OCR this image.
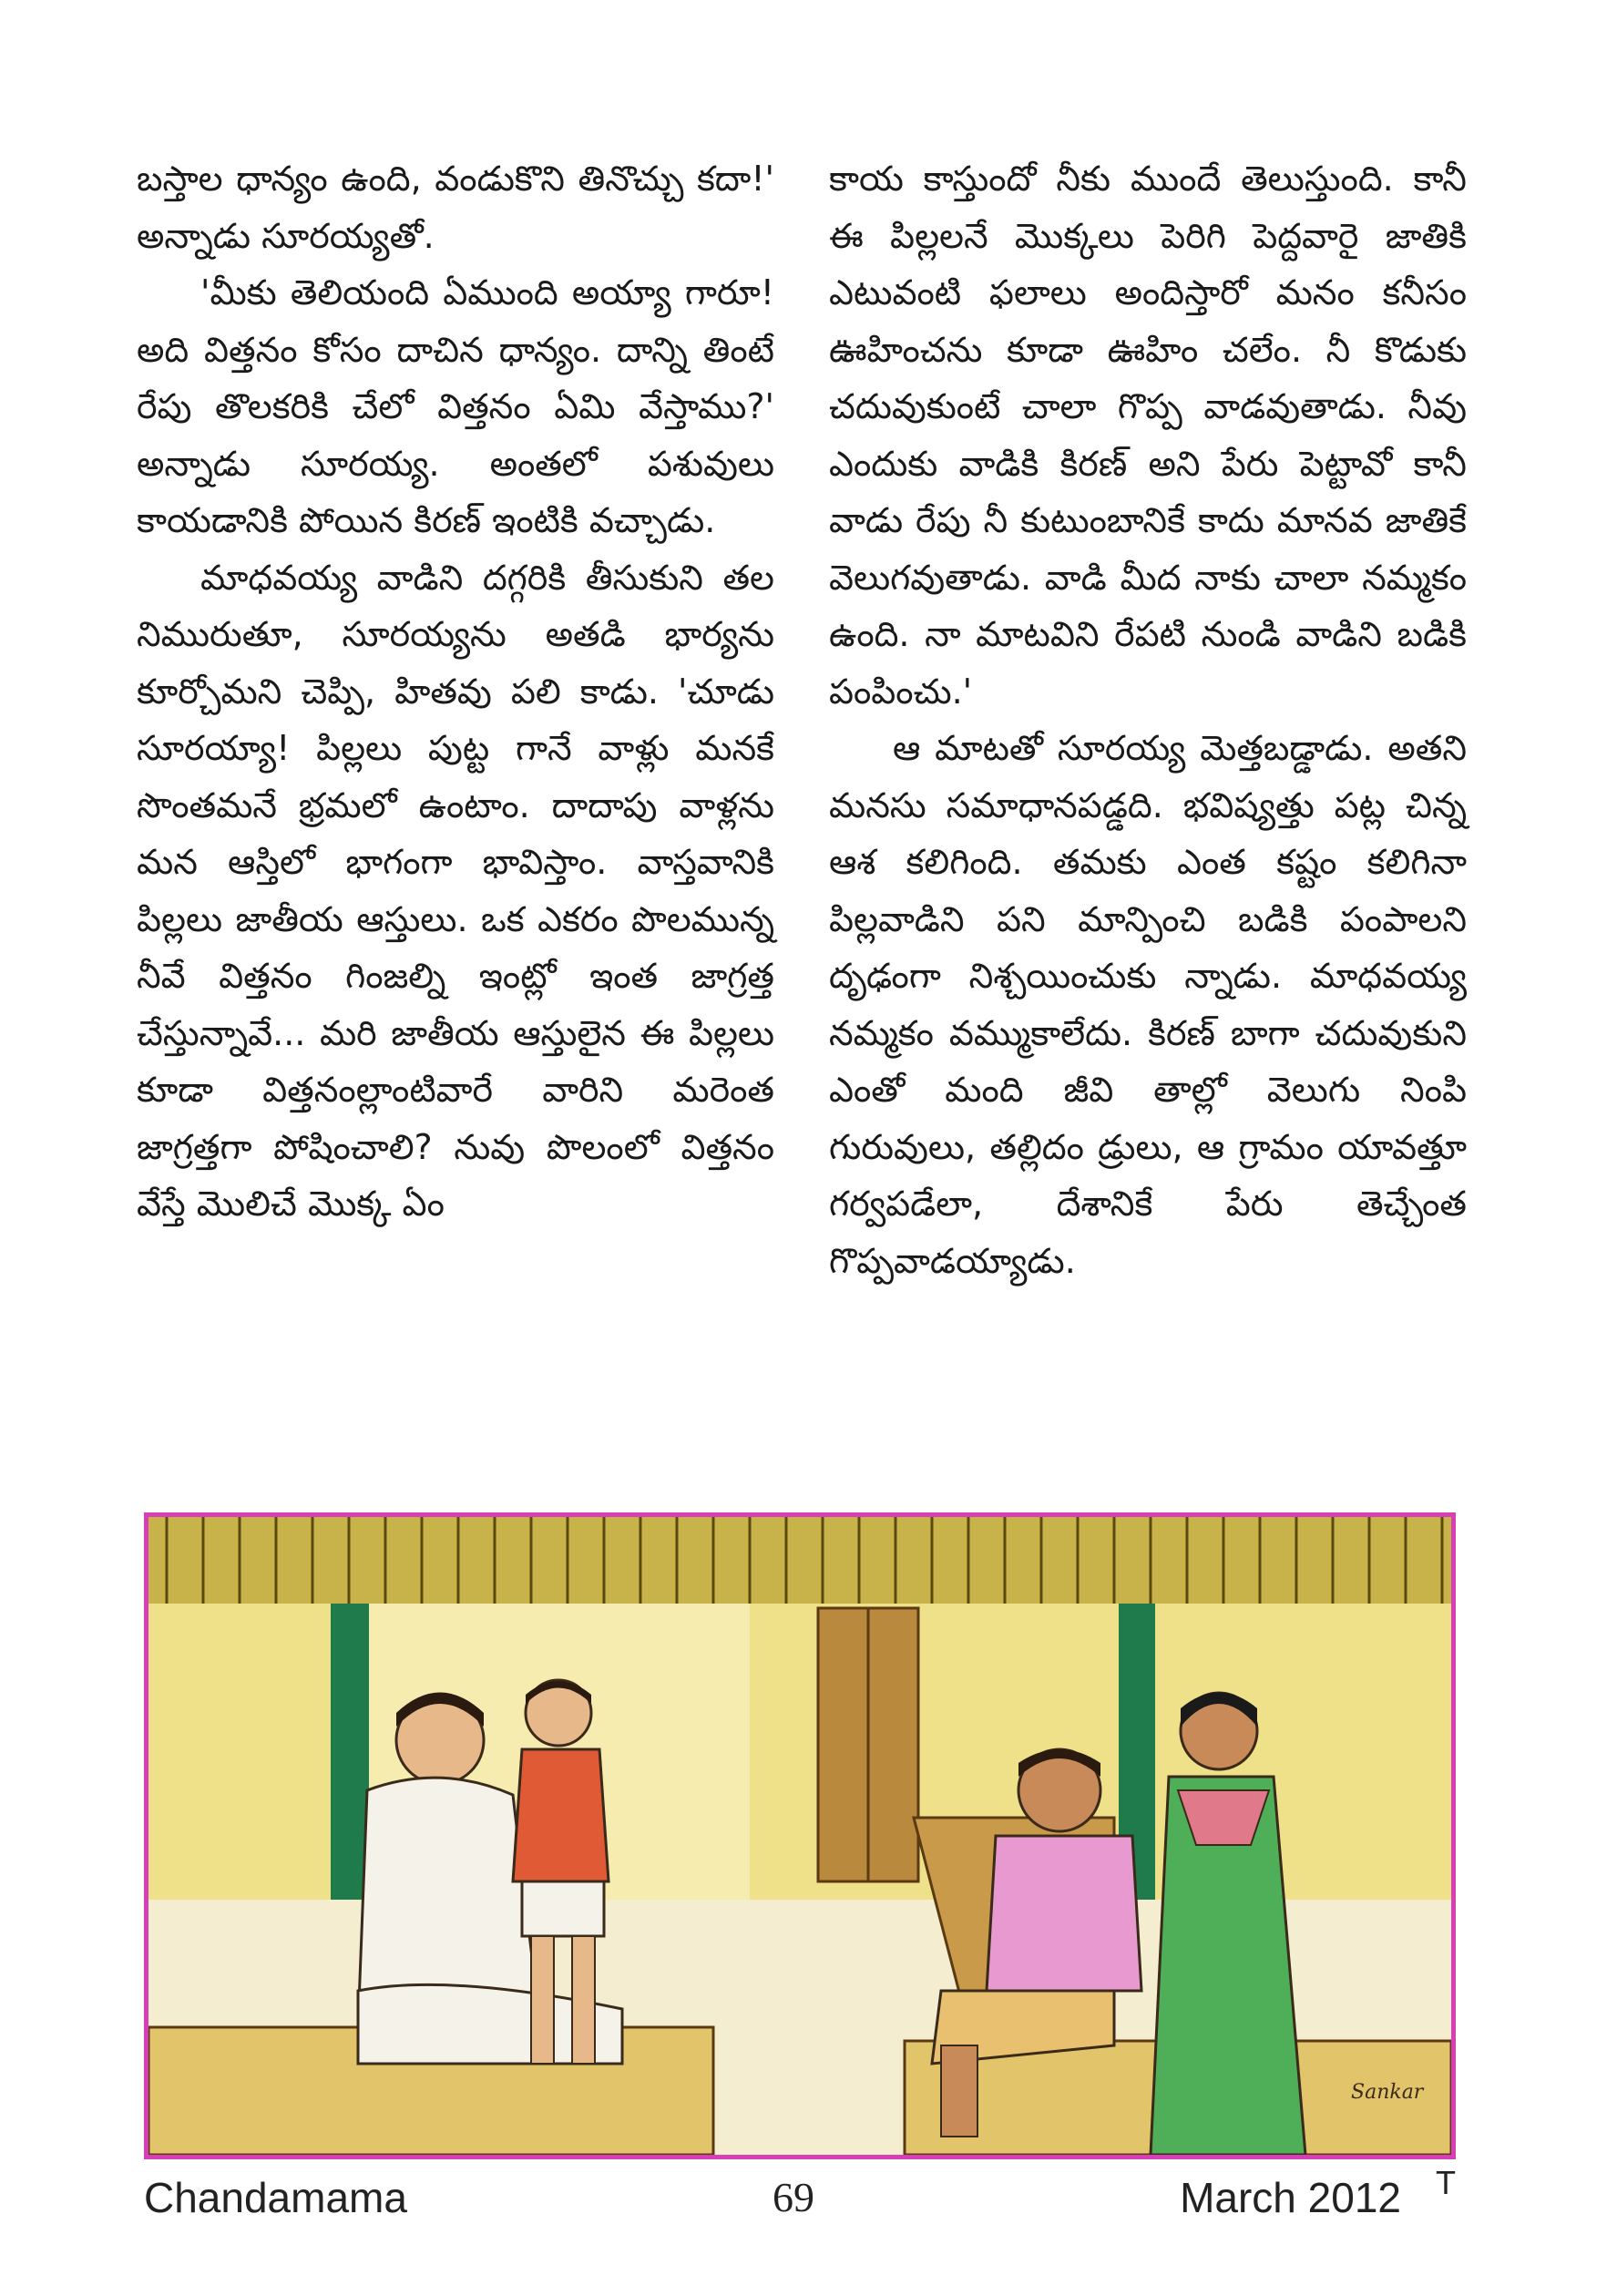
బస్తాల ధాన్యం ఉంది, వండుకొని తినొచ్చు కదా!' అన్నాడు సూరయ్యతో.

'మీకు తెలియంది ఏముంది అయ్యా గారూ! అది విత్తనం కోసం దాచిన ధాన్యం. దాన్ని తింటే రేపు తొలకరికి చేలో విత్తనం ఏమి వేస్తాము?' అన్నాడు సూరయ్య. అంతలో పశువులు కాయడానికి పోయిన కిరణ్ ఇంటికి వచ్చాడు.

మాధవయ్య వాడిని దగ్గరికి తీసుకుని తల నిమురుతూ, సూరయ్యను అతడి భార్యను కూర్చోమని చెప్పి, హితవు పలి కాడు. 'చూడు సూరయ్యా! పిల్లలు పుట్ట గానే వాళ్లు మనకే సొంతమనే భ్రమలో ఉంటాం. దాదాపు వాళ్లను మన ఆస్తిలో భాగంగా భావిస్తాం. వాస్తవానికి పిల్లలు జాతీయ ఆస్తులు. ఒక ఎకరం పొలమున్న నీవే విత్తనం గింజల్ని ఇంట్లో ఇంత జాగ్రత్త చేస్తున్నావే... మరి జాతీయ ఆస్తులైన ఈ పిల్లలు కూడా విత్తనంల్లాంటివారే వారిని మరెంత జాగ్రత్తగా పోషించాలి? నువు పొలంలో విత్తనం వేస్తే మొలిచే మొక్క ఏం

కాయ కాస్తుందో నీకు ముందే తెలుస్తుంది. కానీ ఈ పిల్లలనే మొక్కలు పెరిగి పెద్దవారై జాతికి ఎటువంటి ఫలాలు అందిస్తారో మనం కనీసం ఊహించను కూడా ఊహిం చలేం. నీ కొడుకు చదువుకుంటే చాలా గొప్ప వాడవుతాడు. నీవు ఎందుకు వాడికి కిరణ్ అని పేరు పెట్టావో కానీ వాడు రేపు నీ కుటుంబానికే కాదు మానవ జాతికే వెలుగవుతాడు. వాడి మీద నాకు చాలా నమ్మకం ఉంది. నా మాటవిని రేపటి నుండి వాడిని బడికి పంపించు.'

ఆ మాటతో సూరయ్య మెత్తబడ్డాడు. అతని మనసు సమాధానపడ్డది. భవిష్యత్తు పట్ల చిన్న ఆశ కలిగింది. తమకు ఎంత కష్టం కలిగినా పిల్లవాడిని పని మాన్పించి బడికి పంపాలని దృఢంగా నిశ్చయించుకు న్నాడు. మాధవయ్య నమ్మకం వమ్ముకాలేదు. కిరణ్ బాగా చదువుకుని ఎంతో మంది జీవి తాల్లో వెలుగు నింపి గురువులు, తల్లిదం డ్రులు, ఆ గ్రామం యావత్తూ గర్వపడేలా, దేశానికే పేరు తెచ్చేంత గొప్పవాడయ్యాడు.

Sankar
Chandamama	69	March 2012 T
